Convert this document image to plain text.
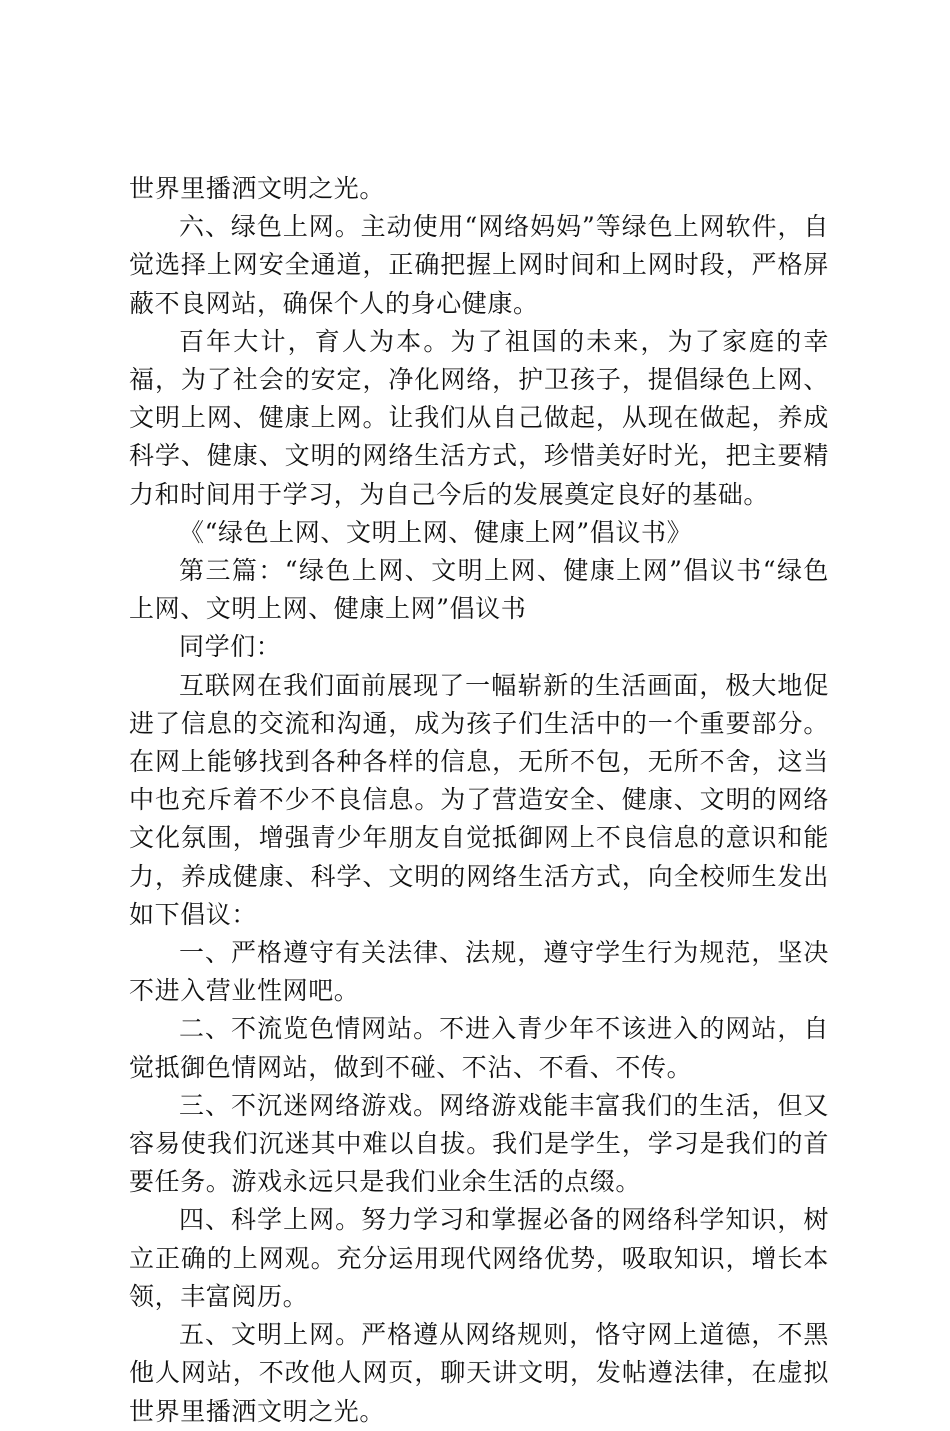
世界里播洒文明之光。

六、绿色上网。主动使用“网络妈妈”等绿色上网软件，自觉选择上网安全通道，正确把握上网时间和上网时段，严格屏蔽不良网站，确保个人的身心健康。

百年大计，育人为本。为了祖国的未来，为了家庭的幸福，为了社会的安定，净化网络，护卫孩子，提倡绿色上网、文明上网、健康上网。让我们从自己做起，从现在做起，养成科学、健康、文明的网络生活方式，珍惜美好时光，把主要精力和时间用于学习，为自己今后的发展奠定良好的基础。

《“绿色上网、文明上网、健康上网”倡议书》

第三篇：“绿色上网、文明上网、健康上网”倡议书“绿色上网、文明上网、健康上网”倡议书

同学们：

互联网在我们面前展现了一幅崭新的生活画面，极大地促进了信息的交流和沟通，成为孩子们生活中的一个重要部分。在网上能够找到各种各样的信息，无所不包，无所不舍，这当中也充斥着不少不良信息。为了营造安全、健康、文明的网络文化氛围，增强青少年朋友自觉抵御网上不良信息的意识和能力，养成健康、科学、文明的网络生活方式，向全校师生发出如下倡议：

一、严格遵守有关法律、法规，遵守学生行为规范，坚决不进入营业性网吧。

二、不流览色情网站。不进入青少年不该进入的网站，自觉抵御色情网站，做到不碰、不沾、不看、不传。

三、不沉迷网络游戏。网络游戏能丰富我们的生活，但又容易使我们沉迷其中难以自拔。我们是学生，学习是我们的首要任务。游戏永远只是我们业余生活的点缀。

四、科学上网。努力学习和掌握必备的网络科学知识，树立正确的上网观。充分运用现代网络优势，吸取知识，增长本领，丰富阅历。

五、文明上网。严格遵从网络规则，恪守网上道德，不黑他人网站，不改他人网页，聊天讲文明，发帖遵法律，在虚拟世界里播洒文明之光。
